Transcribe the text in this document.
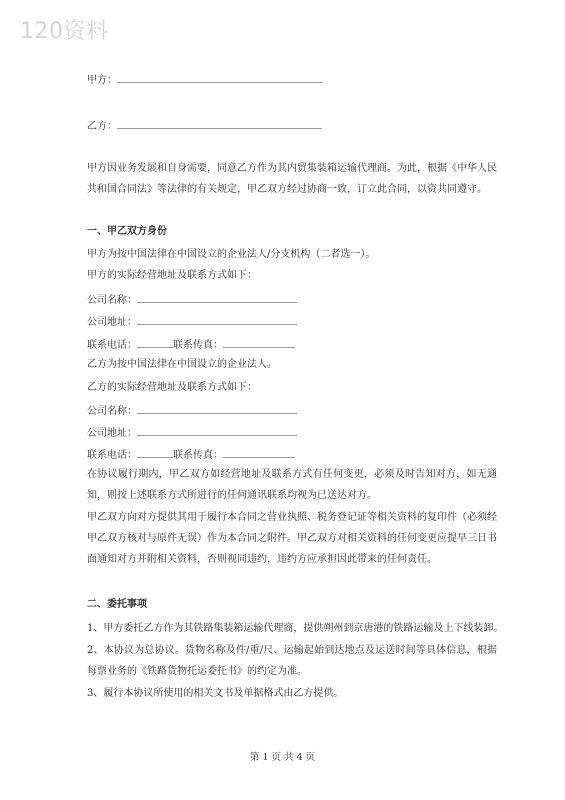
120资料
甲方：
乙方：
甲方因业务发展和自身需要，同意乙方作为其内贸集装箱运输代理商。为此，根据《中华人民共和国合同法》等法律的有关规定，甲乙双方经过协商一致，订立此合同，以资共同遵守。
一、甲乙双方身份
甲方为按中国法律在中国设立的企业法人/分支机构（二者选一）。
甲方的实际经营地址及联系方式如下：
公司名称：
公司地址：
联系电话：	联系传真：
乙方为按中国法律在中国设立的企业法人。
乙方的实际经营地址及联系方式如下：
公司名称：
公司地址：
联系电话：	联系传真：
在协议履行期内，甲乙双方如经营地址及联系方式有任何变更，必须及时告知对方，如无通知，则按上述联系方式所进行的任何通讯联系均视为已送达对方。
甲乙双方向对方提供其用于履行本合同之营业执照、税务登记证等相关资料的复印件（必须经甲乙双方核对与原件无误）作为本合同之附件。甲乙双方对相关资料的任何变更应提早三日书面通知对方并附相关资料，否则视同违约，违约方应承担因此带来的任何责任。
二、委托事项
1、甲方委托乙方作为其铁路集装箱运输代理商，提供朔州到京唐港的铁路运输及上下线装卸。
2、本协议为总协议。货物名称及件/重/尺、运输起始到达地点及运送时间等具体信息，根据每票业务的《铁路货物托运委托书》的约定为准。
3、履行本协议所使用的相关文书及单据格式由乙方提供。
第 1 页 共 4 页
